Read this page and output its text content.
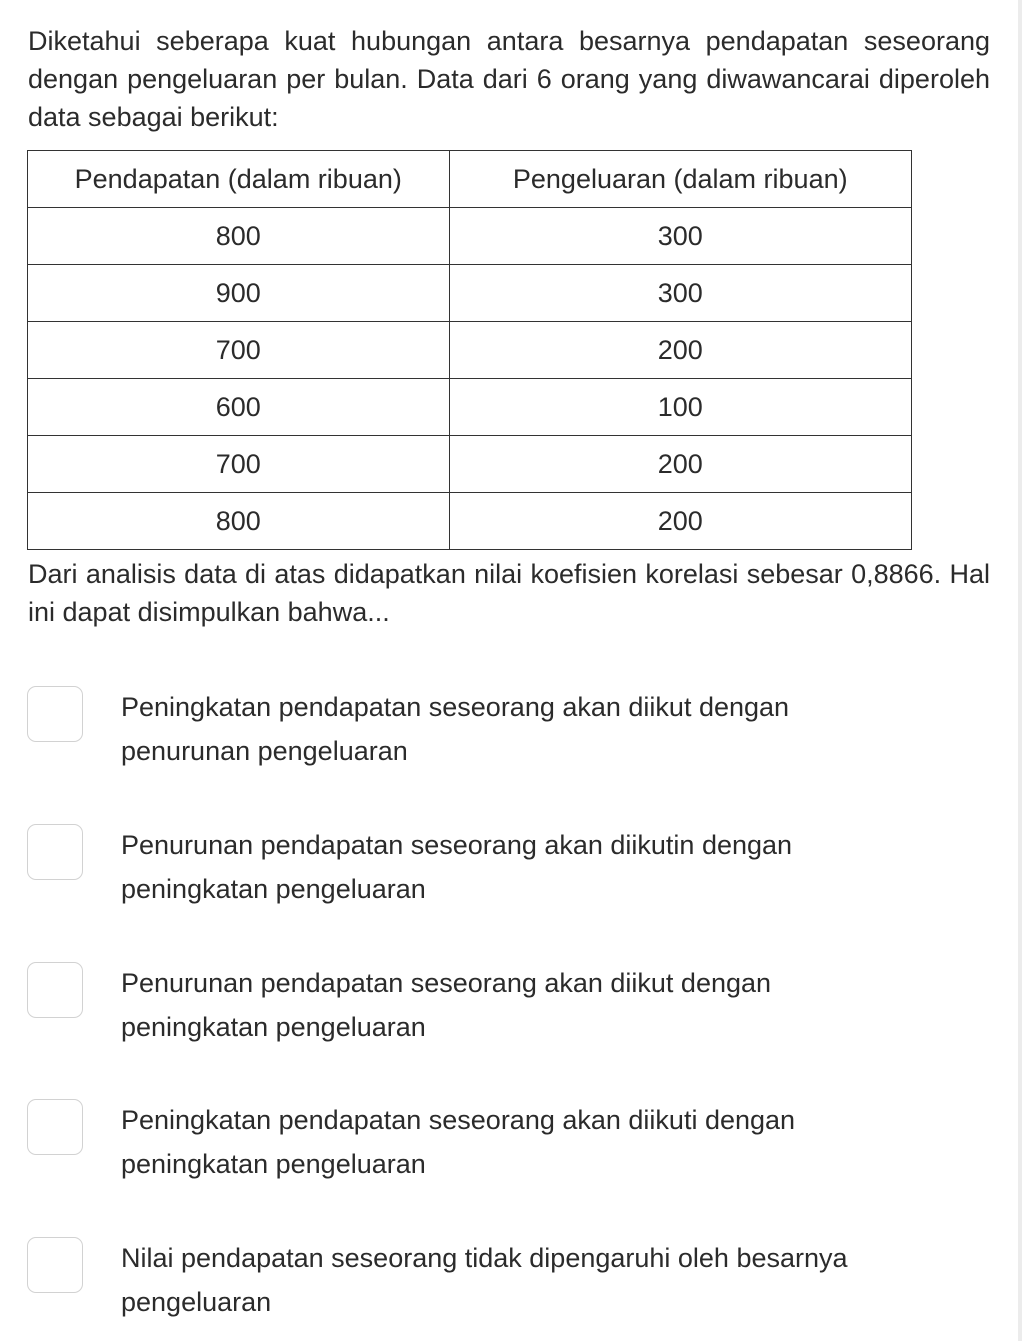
Diketahui seberapa kuat hubungan antara besarnya pendapatan seseorang dengan pengeluaran per bulan. Data dari 6 orang yang diwawancarai diperoleh data sebagai berikut:

Pendapatan (dalam ribuan)	Pengeluaran (dalam ribuan)
800	300
900	300
700	200
600	100
700	200
800	200

Dari analisis data di atas didapatkan nilai koefisien korelasi sebesar 0,8866. Hal ini dapat disimpulkan bahwa...

Peningkatan pendapatan seseorang akan diikut dengan penurunan pengeluaran
Penurunan pendapatan seseorang akan diikutin dengan peningkatan pengeluaran
Penurunan pendapatan seseorang akan diikut dengan peningkatan pengeluaran
Peningkatan pendapatan seseorang akan diikuti dengan peningkatan pengeluaran
Nilai pendapatan seseorang tidak dipengaruhi oleh besarnya pengeluaran
